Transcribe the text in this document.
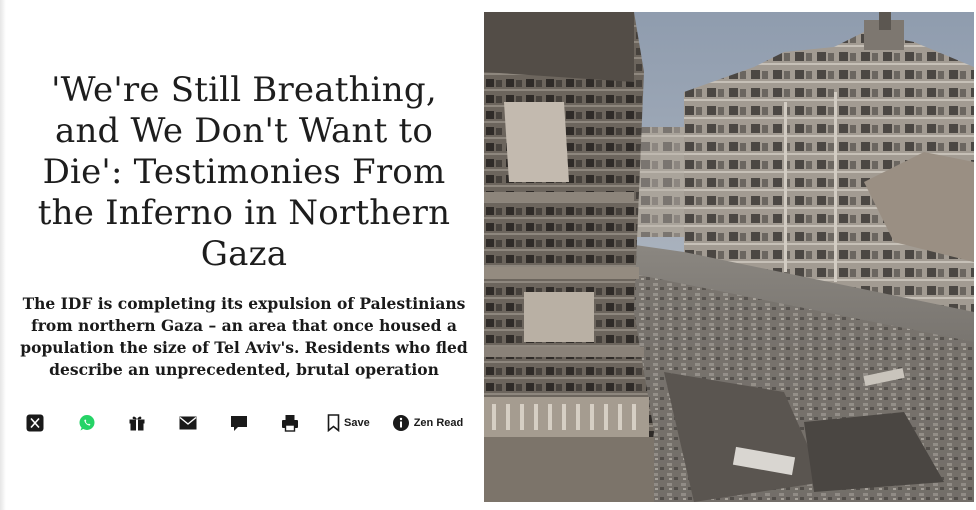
'We're Still Breathing, and We Don't Want to Die': Testimonies From the Inferno in Northern Gaza

The IDF is completing its expulsion of Palestinians from northern Gaza – an area that once housed a population the size of Tel Aviv's. Residents who fled describe an unprecedented, brutal operation

Save	Zen Read
